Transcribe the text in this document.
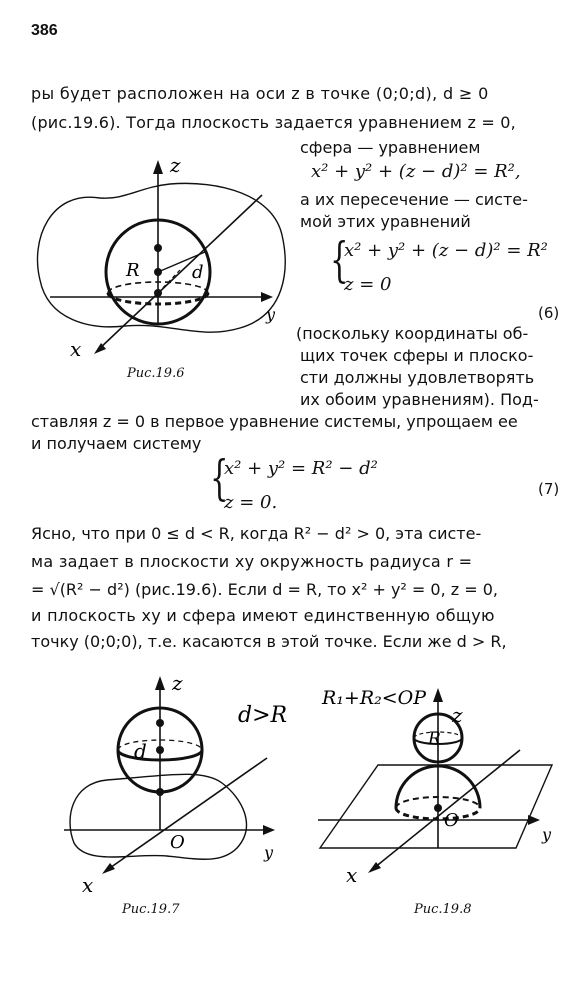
386
ры будет расположен на оси z в точке (0;0;d), d ≥ 0
(рис.19.6). Тогда плоскость задается уравнением z = 0,
сфера — уравнением
x² + y² + (z − d)² = R²,
а их пересечение — систе-
мой этих уравнений
{
x² + y² + (z − d)² = R²
z = 0
(6)
(поскольку координаты об-
щих точек сферы и плоско-
сти должны удовлетворять
их обоим уравнениям). Под-
ставляя z = 0 в первое уравнение системы, упрощаем ее
и получаем систему
{
x² + y² = R² − d²
z = 0.
(7)
Ясно, что при 0 ≤ d < R, когда R² − d² > 0, эта систе-
ма задает в плоскости xy окружность радиуса r =
= √(R² − d²) (рис.19.6). Если d = R, то x² + y² = 0, z = 0,
и плоскость xy и сфера имеют единственную общую
точку (0;0;0), т.е. касаются в этой точке. Если же d > R,
z
R	d
y
x
Рис.19.6
z
d
O	y
x
d>R
Рис.19.7
R₁+R₂<OP
z
R
O
y
x
Рис.19.8
